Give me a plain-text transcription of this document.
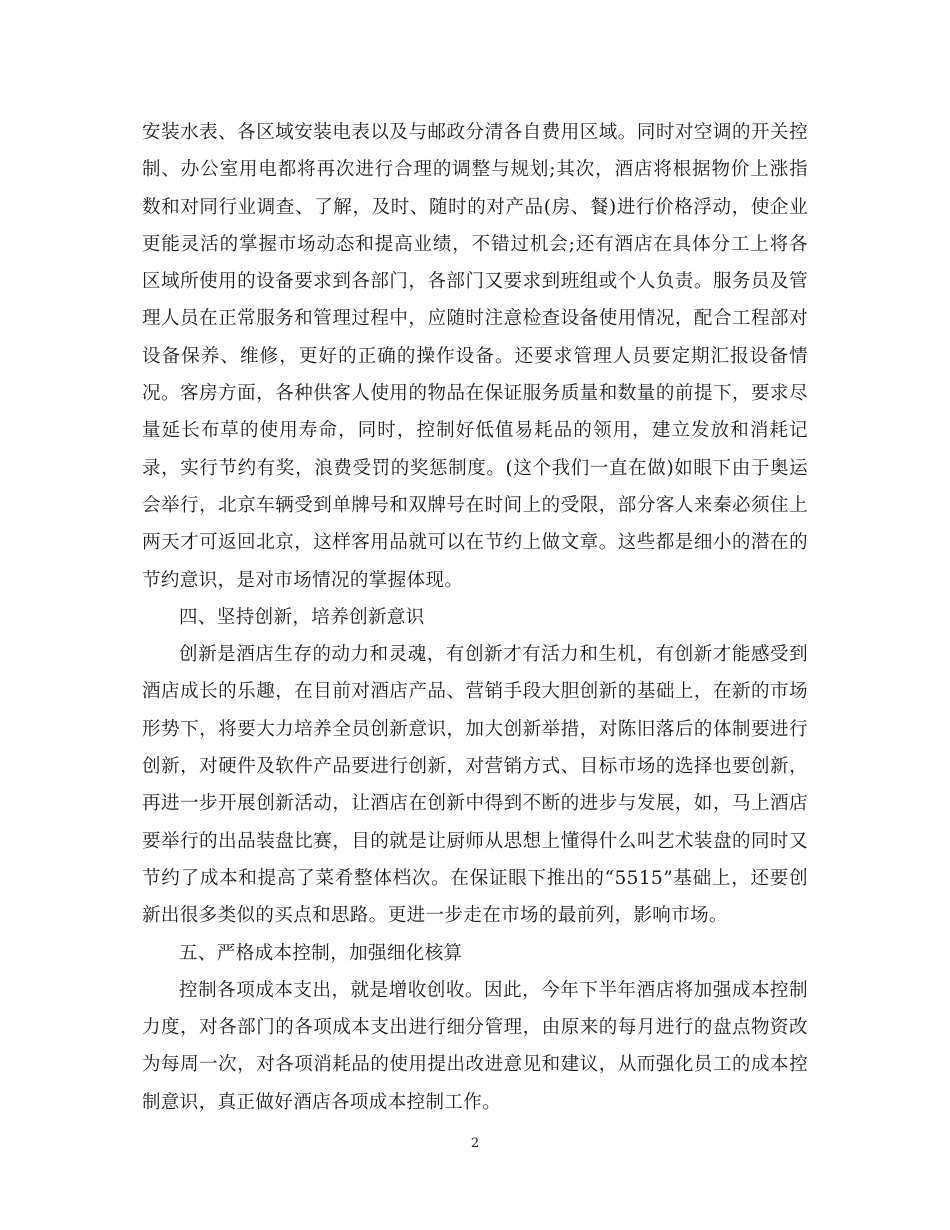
安装水表、各区域安装电表以及与邮政分清各自费用区域。同时对空调的开关控制、办公室用电都将再次进行合理的调整与规划;其次，酒店将根据物价上涨指数和对同行业调查、了解，及时、随时的对产品(房、餐)进行价格浮动，使企业更能灵活的掌握市场动态和提高业绩，不错过机会;还有酒店在具体分工上将各区域所使用的设备要求到各部门，各部门又要求到班组或个人负责。服务员及管理人员在正常服务和管理过程中，应随时注意检查设备使用情况，配合工程部对设备保养、维修，更好的正确的操作设备。还要求管理人员要定期汇报设备情况。客房方面，各种供客人使用的物品在保证服务质量和数量的前提下，要求尽量延长布草的使用寿命，同时，控制好低值易耗品的领用，建立发放和消耗记录，实行节约有奖，浪费受罚的奖惩制度。(这个我们一直在做)如眼下由于奥运会举行，北京车辆受到单牌号和双牌号在时间上的受限，部分客人来秦必须住上两天才可返回北京，这样客用品就可以在节约上做文章。这些都是细小的潜在的节约意识，是对市场情况的掌握体现。

四、坚持创新，培养创新意识

创新是酒店生存的动力和灵魂，有创新才有活力和生机，有创新才能感受到酒店成长的乐趣，在目前对酒店产品、营销手段大胆创新的基础上，在新的市场形势下，将要大力培养全员创新意识，加大创新举措，对陈旧落后的体制要进行创新，对硬件及软件产品要进行创新，对营销方式、目标市场的选择也要创新，再进一步开展创新活动，让酒店在创新中得到不断的进步与发展，如，马上酒店要举行的出品装盘比赛，目的就是让厨师从思想上懂得什么叫艺术装盘的同时又节约了成本和提高了菜肴整体档次。在保证眼下推出的“5515”基础上，还要创新出很多类似的买点和思路。更进一步走在市场的最前列，影响市场。

五、严格成本控制，加强细化核算

控制各项成本支出，就是增收创收。因此，今年下半年酒店将加强成本控制力度，对各部门的各项成本支出进行细分管理，由原来的每月进行的盘点物资改为每周一次，对各项消耗品的使用提出改进意见和建议，从而强化员工的成本控制意识，真正做好酒店各项成本控制工作。

2
